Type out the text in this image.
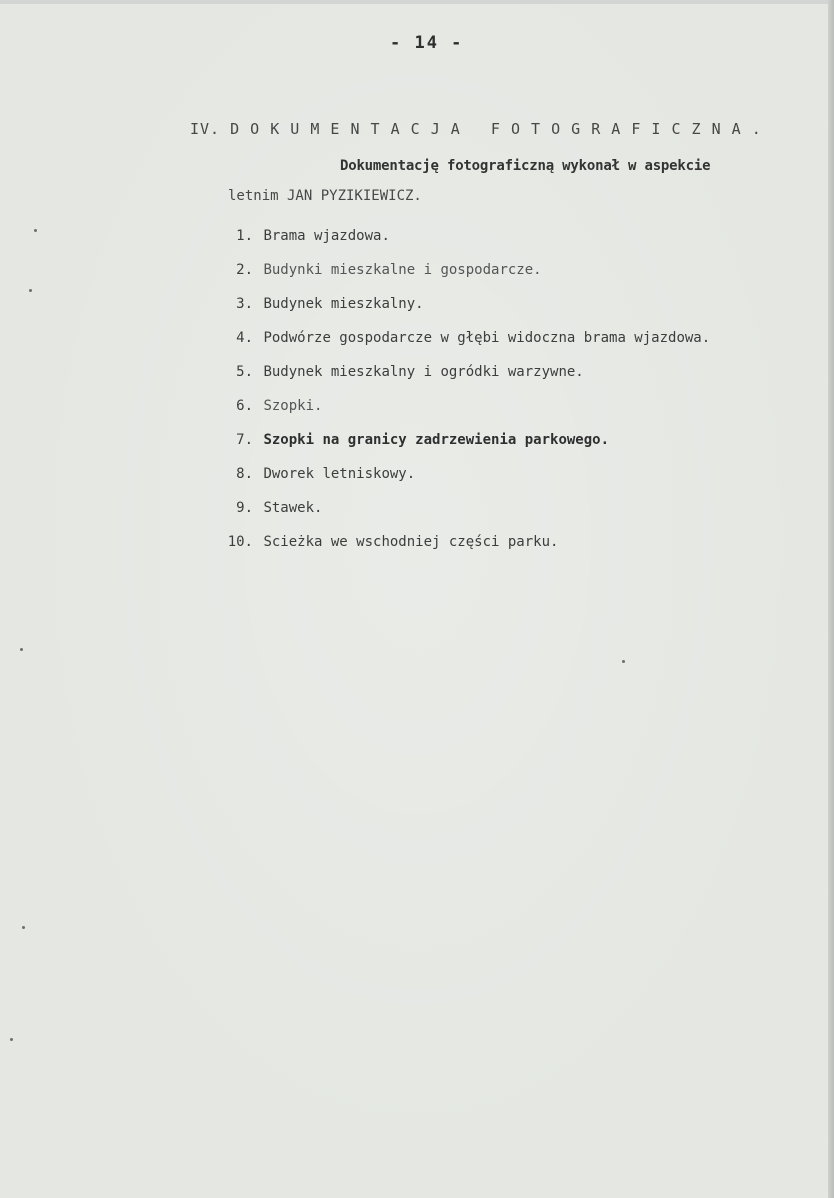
- 14 -
IV. D O K U M E N T A C J A   F O T O G R A F I C Z N A .
Dokumentację fotograficzną wykonał w aspekcie
letnim JAN PYZIKIEWICZ.
1. Brama wjazdowa.
2. Budynki mieszkalne i gospodarcze.
3. Budynek mieszkalny.
4. Podwórze gospodarcze w głębi widoczna brama wjazdowa.
5. Budynek mieszkalny i ogródki warzywne.
6. Szopki.
7. Szopki na granicy zadrzewienia parkowego.
8. Dworek letniskowy.
9. Stawek.
10. Scieżka we wschodniej części parku.
